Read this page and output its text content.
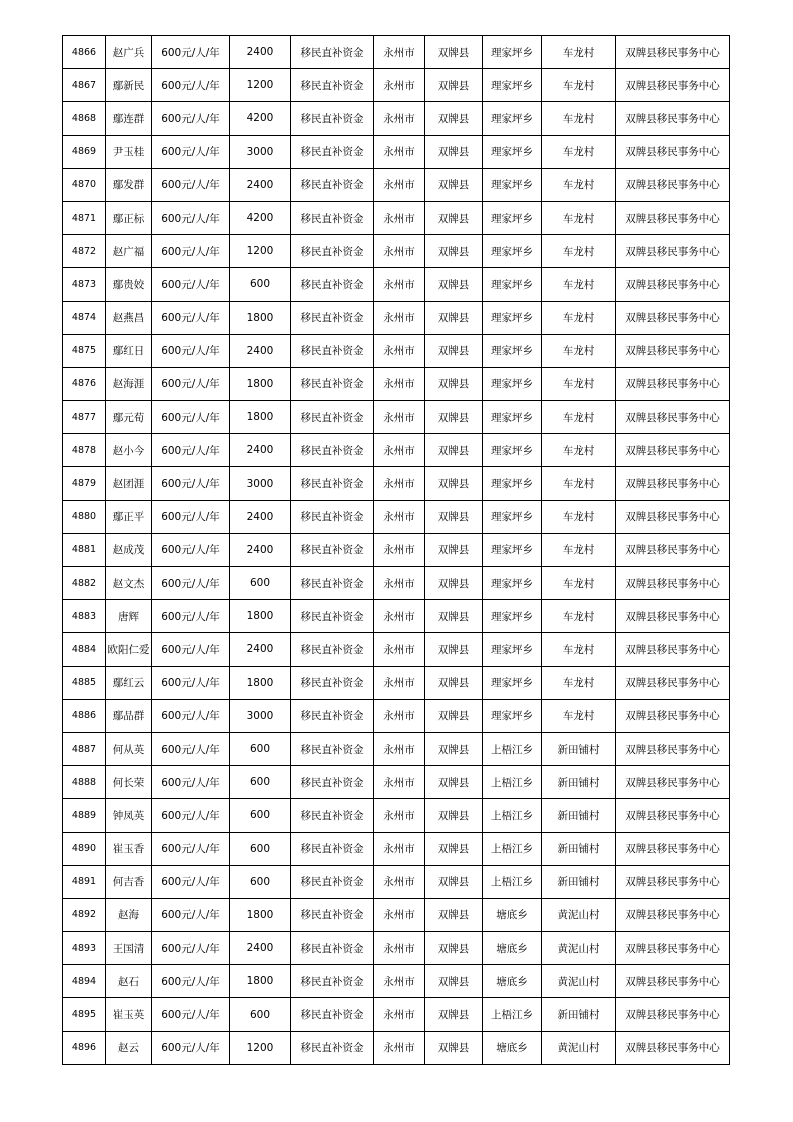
4866	赵广兵	600元/人/年	2400	移民直补资金	永州市	双牌县	理家坪乡	车龙村	双牌县移民事务中心
4867	鄢新民	600元/人/年	1200	移民直补资金	永州市	双牌县	理家坪乡	车龙村	双牌县移民事务中心
4868	鄢连群	600元/人/年	4200	移民直补资金	永州市	双牌县	理家坪乡	车龙村	双牌县移民事务中心
4869	尹玉桂	600元/人/年	3000	移民直补资金	永州市	双牌县	理家坪乡	车龙村	双牌县移民事务中心
4870	鄢发群	600元/人/年	2400	移民直补资金	永州市	双牌县	理家坪乡	车龙村	双牌县移民事务中心
4871	鄢正标	600元/人/年	4200	移民直补资金	永州市	双牌县	理家坪乡	车龙村	双牌县移民事务中心
4872	赵广福	600元/人/年	1200	移民直补资金	永州市	双牌县	理家坪乡	车龙村	双牌县移民事务中心
4873	鄢贵姣	600元/人/年	600	移民直补资金	永州市	双牌县	理家坪乡	车龙村	双牌县移民事务中心
4874	赵燕昌	600元/人/年	1800	移民直补资金	永州市	双牌县	理家坪乡	车龙村	双牌县移民事务中心
4875	鄢红日	600元/人/年	2400	移民直补资金	永州市	双牌县	理家坪乡	车龙村	双牌县移民事务中心
4876	赵海涯	600元/人/年	1800	移民直补资金	永州市	双牌县	理家坪乡	车龙村	双牌县移民事务中心
4877	鄢元荀	600元/人/年	1800	移民直补资金	永州市	双牌县	理家坪乡	车龙村	双牌县移民事务中心
4878	赵小今	600元/人/年	2400	移民直补资金	永州市	双牌县	理家坪乡	车龙村	双牌县移民事务中心
4879	赵团涯	600元/人/年	3000	移民直补资金	永州市	双牌县	理家坪乡	车龙村	双牌县移民事务中心
4880	鄢正平	600元/人/年	2400	移民直补资金	永州市	双牌县	理家坪乡	车龙村	双牌县移民事务中心
4881	赵成茂	600元/人/年	2400	移民直补资金	永州市	双牌县	理家坪乡	车龙村	双牌县移民事务中心
4882	赵文杰	600元/人/年	600	移民直补资金	永州市	双牌县	理家坪乡	车龙村	双牌县移民事务中心
4883	唐辉	600元/人/年	1800	移民直补资金	永州市	双牌县	理家坪乡	车龙村	双牌县移民事务中心
4884	欧阳仁爱	600元/人/年	2400	移民直补资金	永州市	双牌县	理家坪乡	车龙村	双牌县移民事务中心
4885	鄢红云	600元/人/年	1800	移民直补资金	永州市	双牌县	理家坪乡	车龙村	双牌县移民事务中心
4886	鄢品群	600元/人/年	3000	移民直补资金	永州市	双牌县	理家坪乡	车龙村	双牌县移民事务中心
4887	何从英	600元/人/年	600	移民直补资金	永州市	双牌县	上梧江乡	新田铺村	双牌县移民事务中心
4888	何长荣	600元/人/年	600	移民直补资金	永州市	双牌县	上梧江乡	新田铺村	双牌县移民事务中心
4889	钟凤英	600元/人/年	600	移民直补资金	永州市	双牌县	上梧江乡	新田铺村	双牌县移民事务中心
4890	崔玉香	600元/人/年	600	移民直补资金	永州市	双牌县	上梧江乡	新田铺村	双牌县移民事务中心
4891	何吉香	600元/人/年	600	移民直补资金	永州市	双牌县	上梧江乡	新田铺村	双牌县移民事务中心
4892	赵海	600元/人/年	1800	移民直补资金	永州市	双牌县	塘底乡	黄泥山村	双牌县移民事务中心
4893	王国清	600元/人/年	2400	移民直补资金	永州市	双牌县	塘底乡	黄泥山村	双牌县移民事务中心
4894	赵石	600元/人/年	1800	移民直补资金	永州市	双牌县	塘底乡	黄泥山村	双牌县移民事务中心
4895	崔玉英	600元/人/年	600	移民直补资金	永州市	双牌县	上梧江乡	新田铺村	双牌县移民事务中心
4896	赵云	600元/人/年	1200	移民直补资金	永州市	双牌县	塘底乡	黄泥山村	双牌县移民事务中心
